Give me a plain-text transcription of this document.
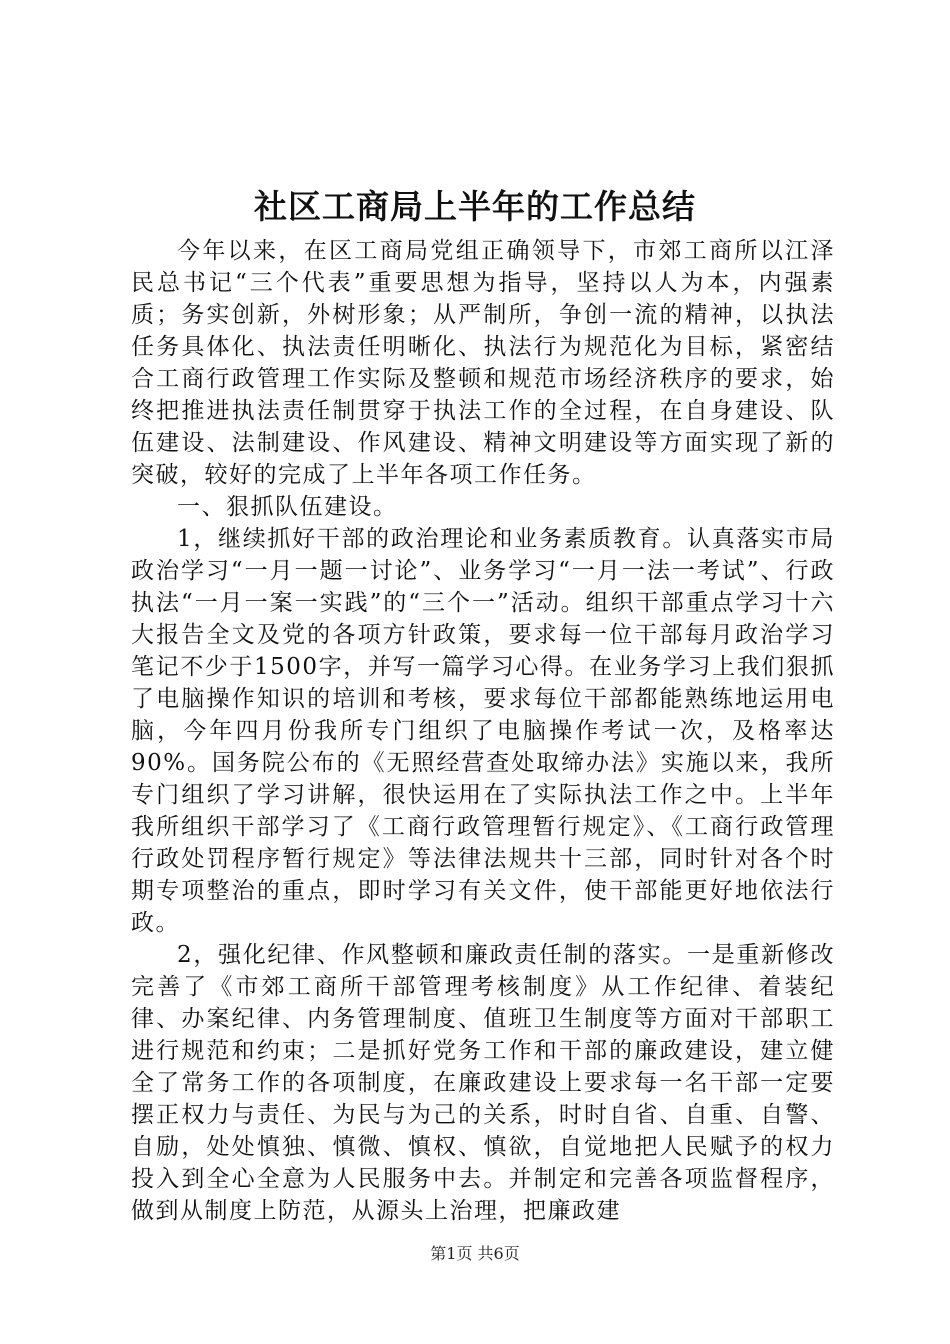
社区工商局上半年的工作总结

今年以来，在区工商局党组正确领导下，市郊工商所以江泽民总书记“三个代表”重要思想为指导，坚持以人为本，内强素质；务实创新，外树形象；从严制所，争创一流的精神，以执法任务具体化、执法责任明晰化、执法行为规范化为目标，紧密结合工商行政管理工作实际及整顿和规范市场经济秩序的要求，始终把推进执法责任制贯穿于执法工作的全过程，在自身建设、队伍建设、法制建设、作风建设、精神文明建设等方面实现了新的突破，较好的完成了上半年各项工作任务。

一、狠抓队伍建设。

1，继续抓好干部的政治理论和业务素质教育。认真落实市局政治学习“一月一题一讨论”、业务学习“一月一法一考试”、行政执法“一月一案一实践”的“三个一”活动。组织干部重点学习十六大报告全文及党的各项方针政策，要求每一位干部每月政治学习笔记不少于1500字，并写一篇学习心得。在业务学习上我们狠抓了电脑操作知识的培训和考核，要求每位干部都能熟练地运用电脑，今年四月份我所专门组织了电脑操作考试一次，及格率达90%。国务院公布的《无照经营查处取缔办法》实施以来，我所专门组织了学习讲解，很快运用在了实际执法工作之中。上半年我所组织干部学习了《工商行政管理暂行规定》、《工商行政管理行政处罚程序暂行规定》等法律法规共十三部，同时针对各个时期专项整治的重点，即时学习有关文件，使干部能更好地依法行政。

2，强化纪律、作风整顿和廉政责任制的落实。一是重新修改完善了《市郊工商所干部管理考核制度》从工作纪律、着装纪律、办案纪律、内务管理制度、值班卫生制度等方面对干部职工进行规范和约束；二是抓好党务工作和干部的廉政建设，建立健全了常务工作的各项制度，在廉政建设上要求每一名干部一定要摆正权力与责任、为民与为己的关系，时时自省、自重、自警、自励，处处慎独、慎微、慎权、慎欲，自觉地把人民赋予的权力投入到全心全意为人民服务中去。并制定和完善各项监督程序，做到从制度上防范，从源头上治理，把廉政建

第1页 共6页
